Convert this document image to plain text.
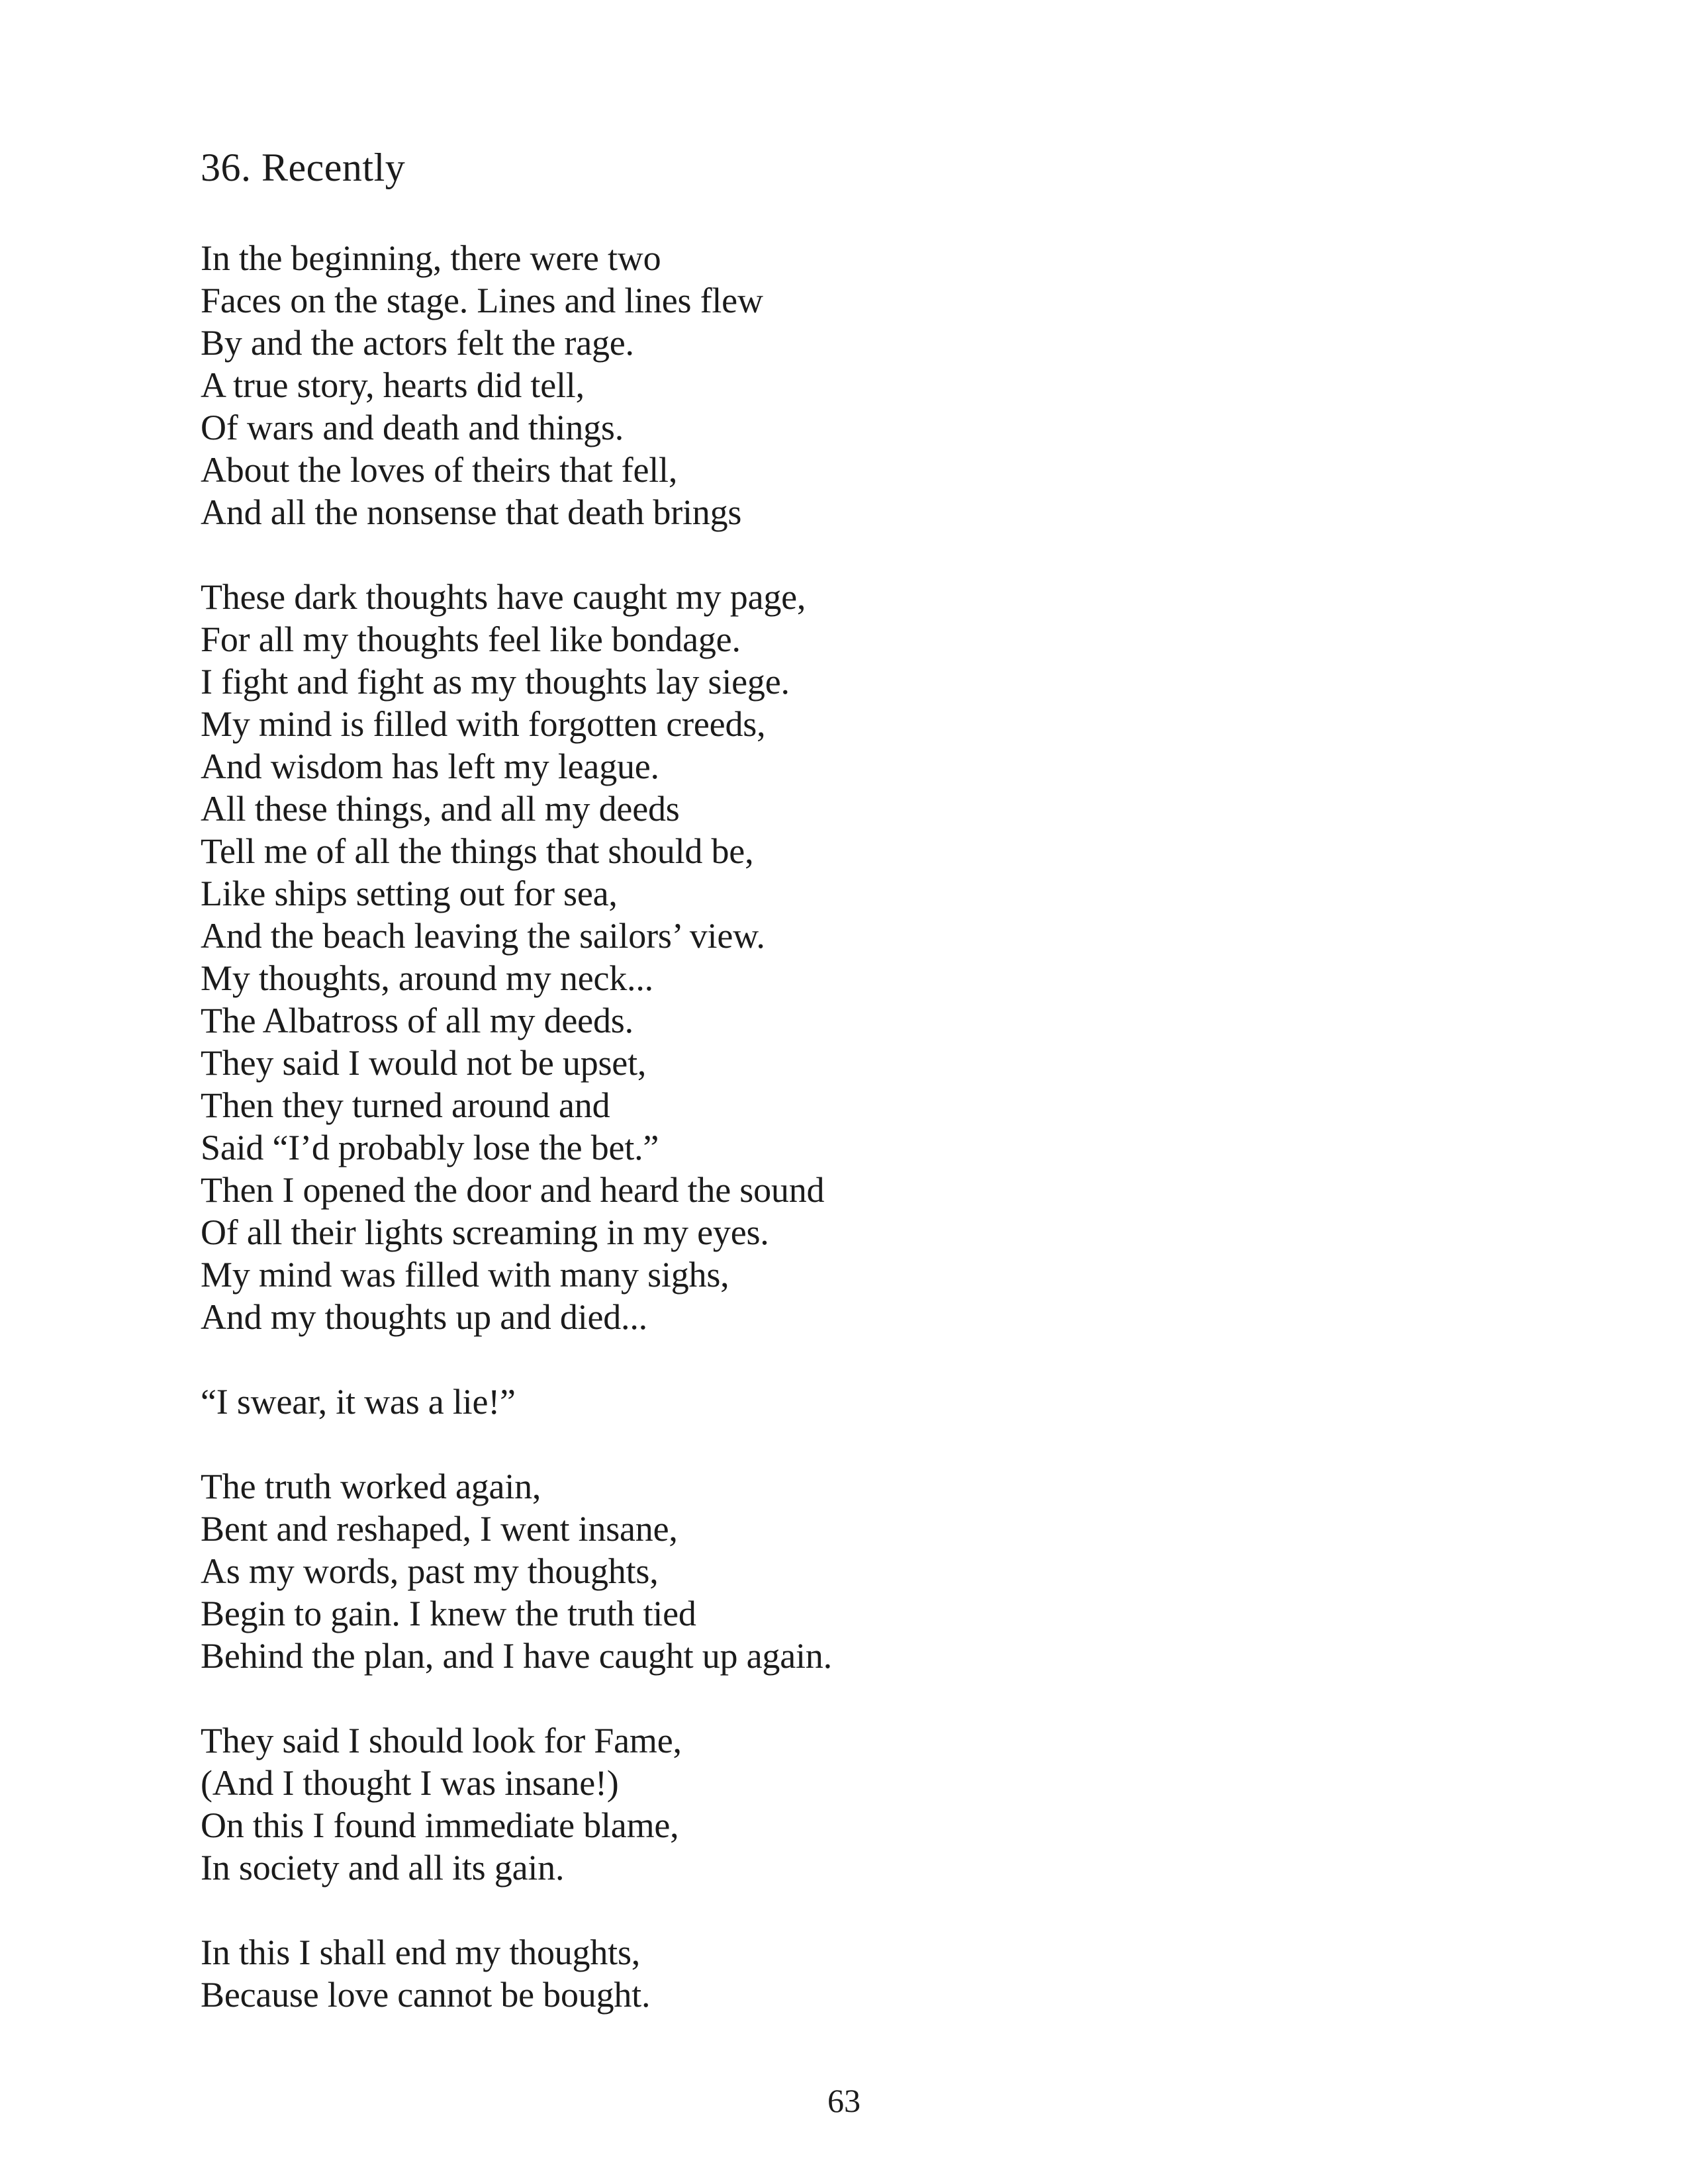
36. Recently
In the beginning, there were two
Faces on the stage. Lines and lines flew
By and the actors felt the rage.
A true story, hearts did tell,
Of wars and death and things.
About the loves of theirs that fell,
And all the nonsense that death brings
These dark thoughts have caught my page,
For all my thoughts feel like bondage.
I fight and fight as my thoughts lay siege.
My mind is filled with forgotten creeds,
And wisdom has left my league.
All these things, and all my deeds
Tell me of all the things that should be,
Like ships setting out for sea,
And the beach leaving the sailors’ view.
My thoughts, around my neck...
The Albatross of all my deeds.
They said I would not be upset,
Then they turned around and
Said “I’d probably lose the bet.”
Then I opened the door and heard the sound
Of all their lights screaming in my eyes.
My mind was filled with many sighs,
And my thoughts up and died...
“I swear, it was a lie!”
The truth worked again,
Bent and reshaped, I went insane,
As my words, past my thoughts,
Begin to gain. I knew the truth tied
Behind the plan, and I have caught up again.
They said I should look for Fame,
(And I thought I was insane!)
On this I found immediate blame,
In society and all its gain.
In this I shall end my thoughts,
Because love cannot be bought.
63
